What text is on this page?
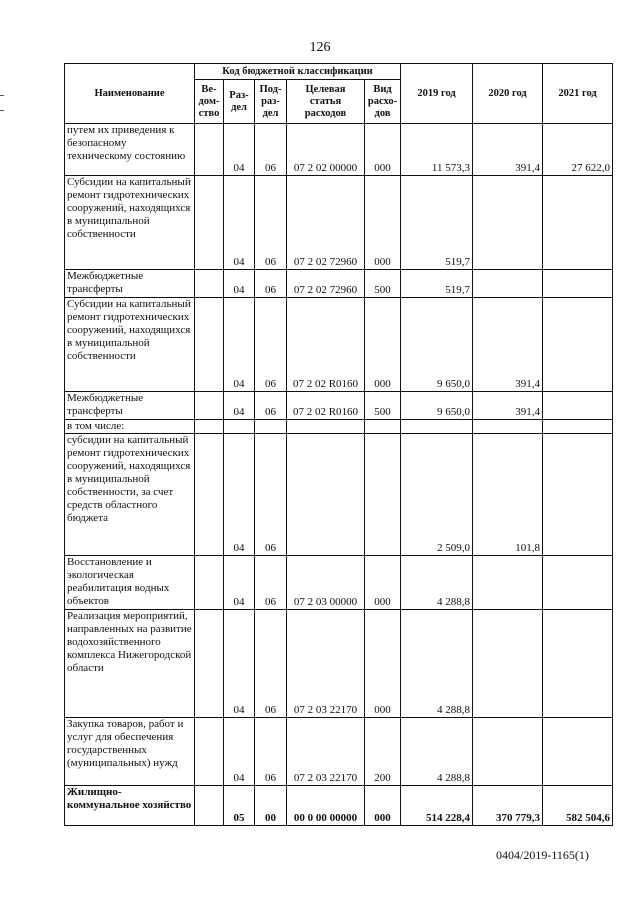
126
Наименование	Код бюджетной классификации					2019 год	2020 год	2021 год
	Ве-дом-ство	Раз-дел	Под-раз-дел	Целевая статья расходов	Вид расхо-дов			
путем их приведения к безопасному техническому состоянию		04	06	07 2 02 00000	000	11 573,3	391,4	27 622,0
Субсидии на капитальный ремонт гидротехнических сооружений, находящихся в муниципальной собственности		04	06	07 2 02 72960	000	519,7		
Межбюджетные трансферты		04	06	07 2 02 72960	500	519,7		
Субсидии на капитальный ремонт гидротехнических сооружений, находящихся в муниципальной собственности		04	06	07 2 02 R0160	000	9 650,0	391,4	
Межбюджетные трансферты		04	06	07 2 02 R0160	500	9 650,0	391,4	
в том числе:								
субсидии на капитальный ремонт гидротехнических сооружений, находящихся в муниципальной собственности, за счет средств областного бюджета		04	06			2 509,0	101,8	
Восстановление и экологическая реабилитация водных объектов		04	06	07 2 03 00000	000	4 288,8		
Реализация мероприятий, направленных на развитие водохозяйственного комплекса Нижегородской области		04	06	07 2 03 22170	000	4 288,8		
Закупка товаров, работ и услуг для обеспечения государственных (муниципальных) нужд		04	06	07 2 03 22170	200	4 288,8		
Жилищно-коммунальное хозяйство		05	00	00 0 00 00000	000	514 228,4	370 779,3	582 504,6
0404/2019-1165(1)
